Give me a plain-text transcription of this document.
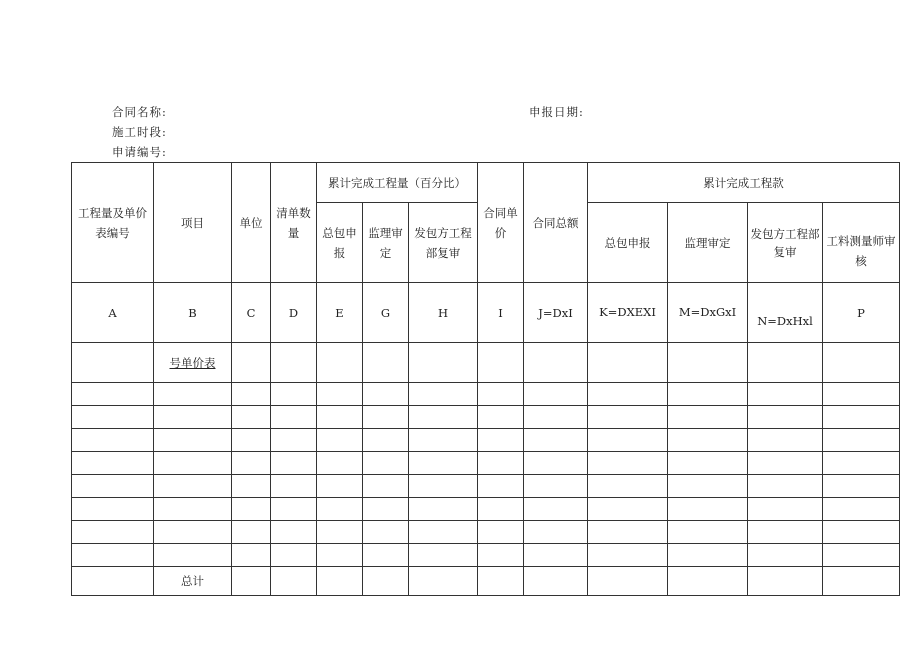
合同名称:	申报日期:
施工时段:
申请编号:
工程量及单价表编号	项目	单位	清单数量	累计完成工程量（百分比）			合同单价	合同总额	累计完成工程款			
				总包申报	监理审定	发包方工程部复审			总包申报	监理审定	发包方工程部复审	工料测量师审核
A	B	C	D	E	G	H	I	J=DxI	K=DXEXI	M=DxGxI	N=DxHxl	P
	号单价表											

	总计											
